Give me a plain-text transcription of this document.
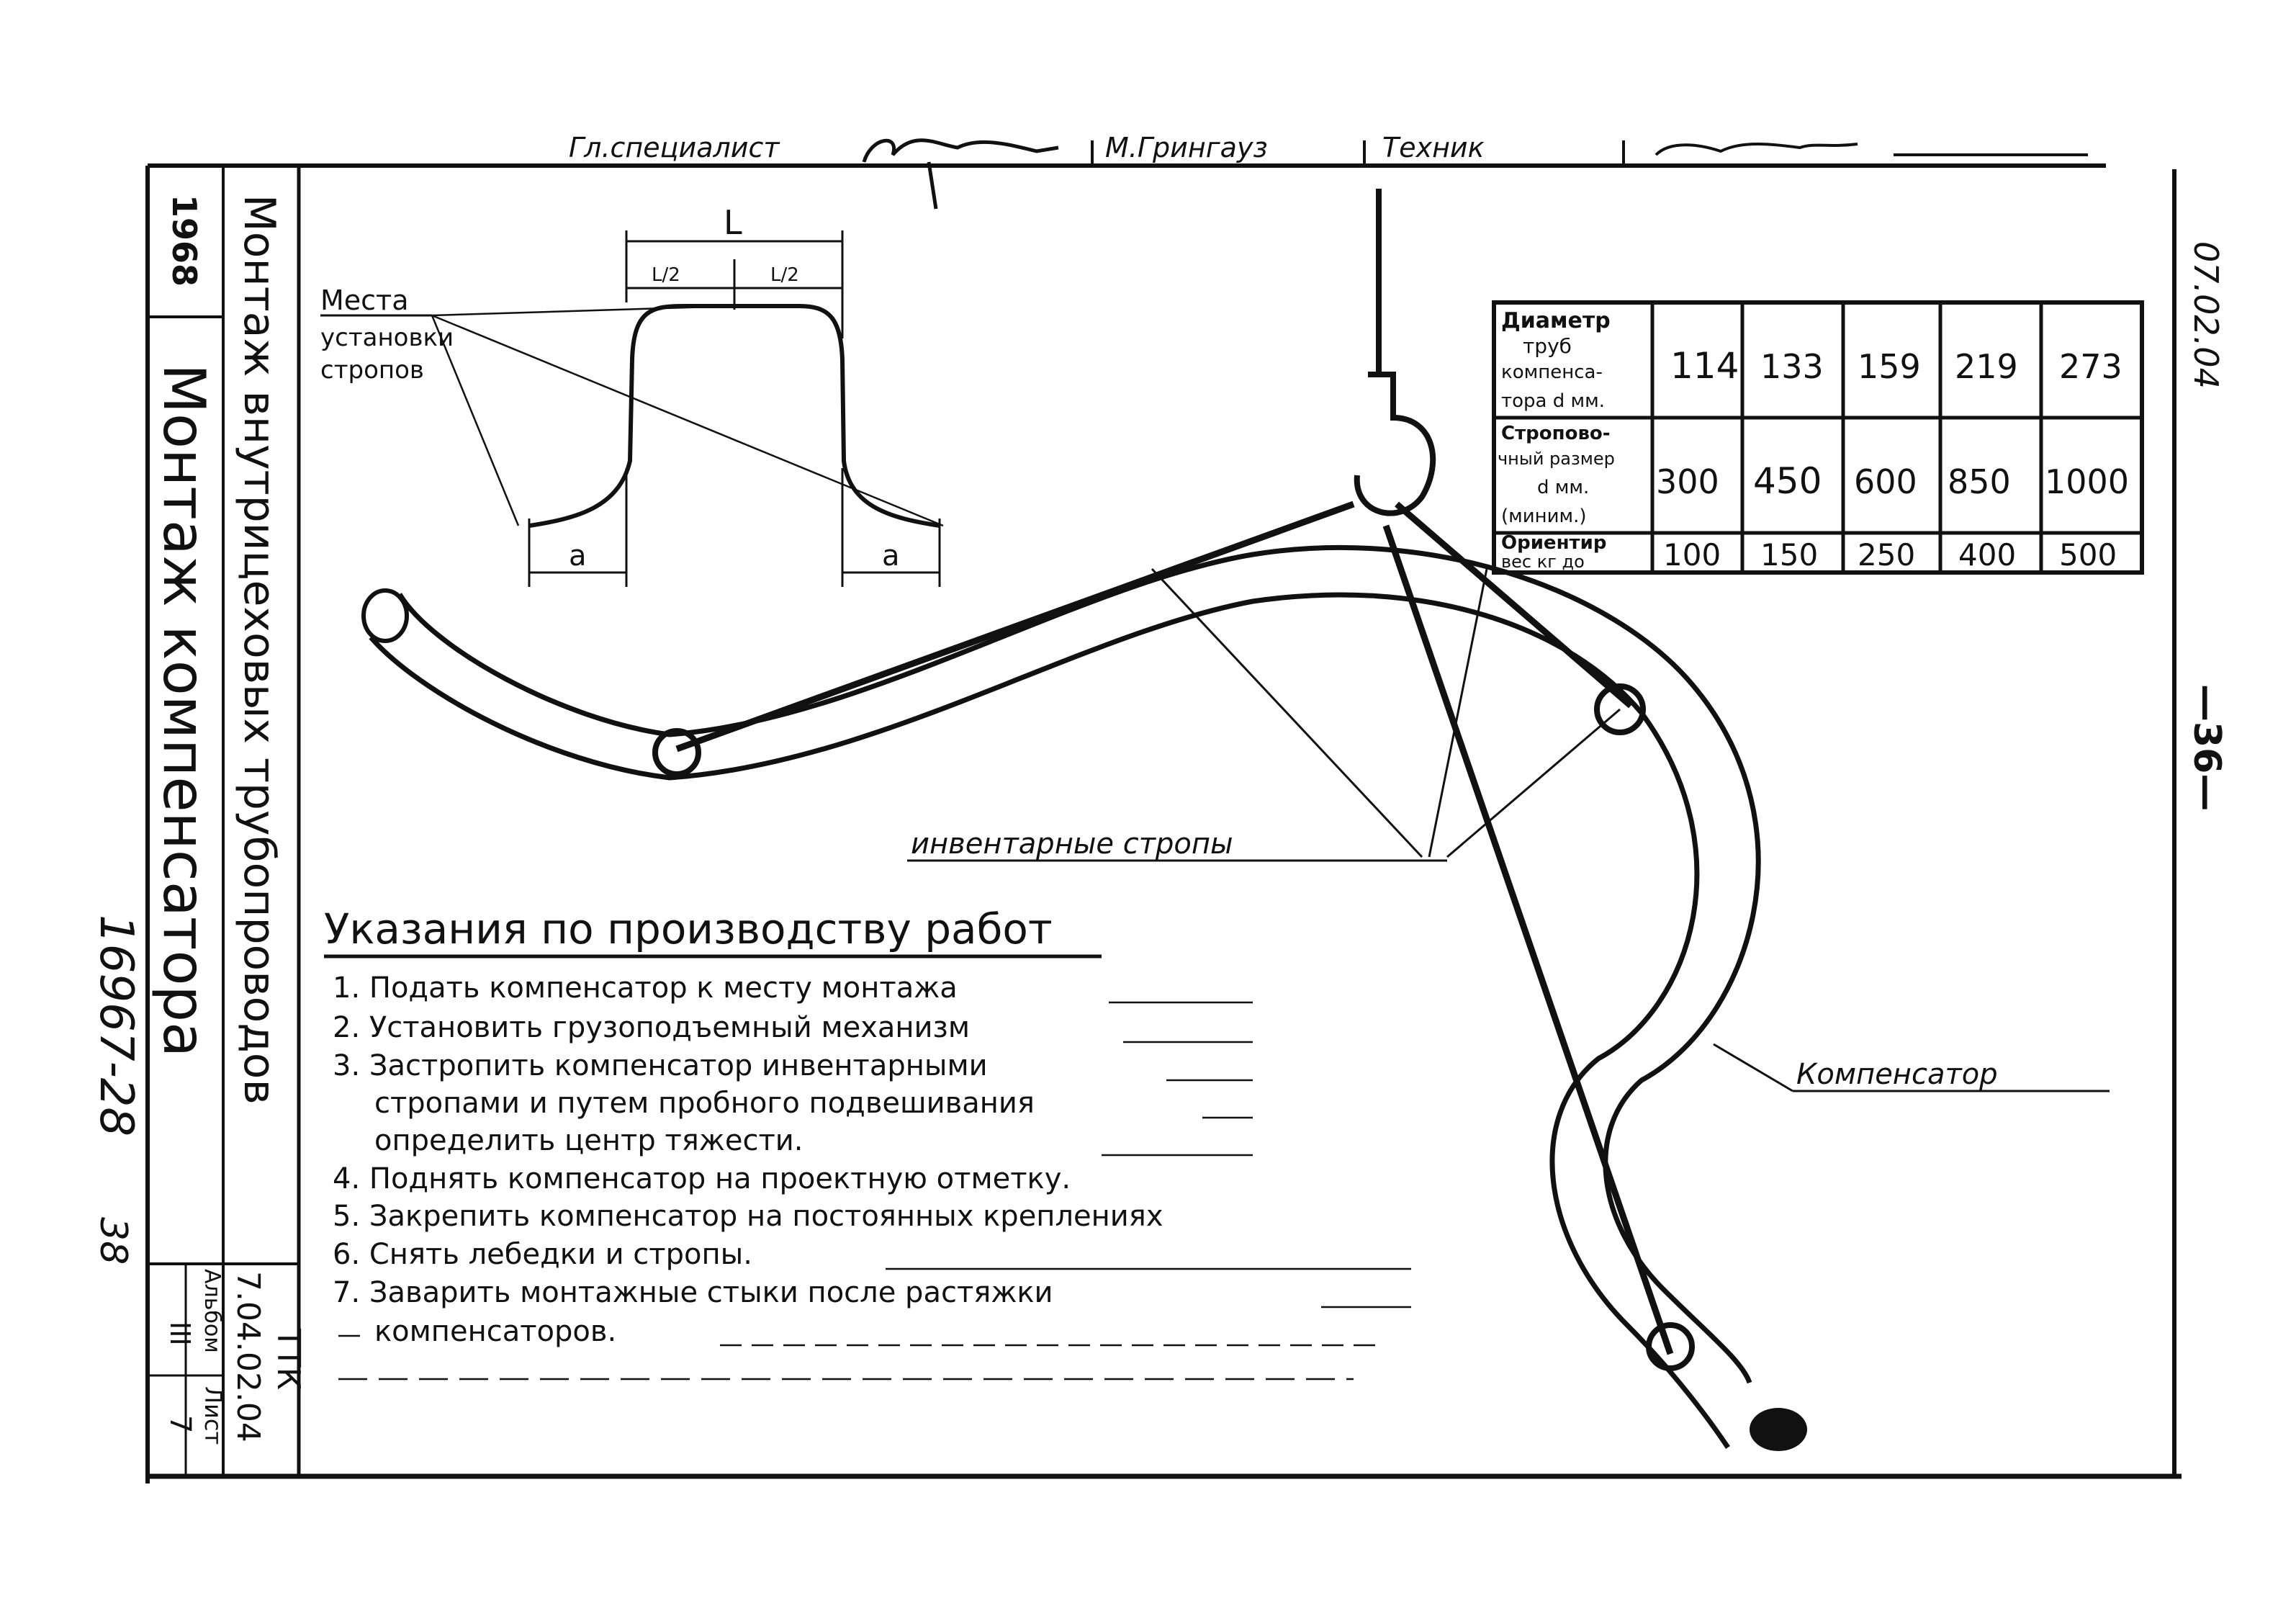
Гл.специалист	М.Грингауз	Техник
1968
Монтаж компенсатора Монтаж внутрицеховых трубопроводов
16967-28
38
ТТК
7.04.02.04
Альбом
III
Лист
7
07.02.04
—36—
L
L/2	L/2
a	a
Места
установки
стропов
инвентарные стропы
Компенсатор
Диаметр
труб
компенса-
тора d мм.
114 133 159 219 273
Стропово-
чный размер
d мм.
(миним.)
300 450 600 850 1000
Ориентир
вес кг до	100 150 250 400 500
Указания по производству работ
1. Подать компенсатор к месту монтажа
2. Установить грузоподъемный механизм
3. Застропить компенсатор инвентарными
стропами и путем пробного подвешивания
определить центр тяжести.
4. Поднять компенсатор на проектную отметку.
5. Закрепить компенсатор на постоянных креплениях
6. Снять лебедки и стропы.
7. Заварить монтажные стыки после растяжки
компенсаторов.
